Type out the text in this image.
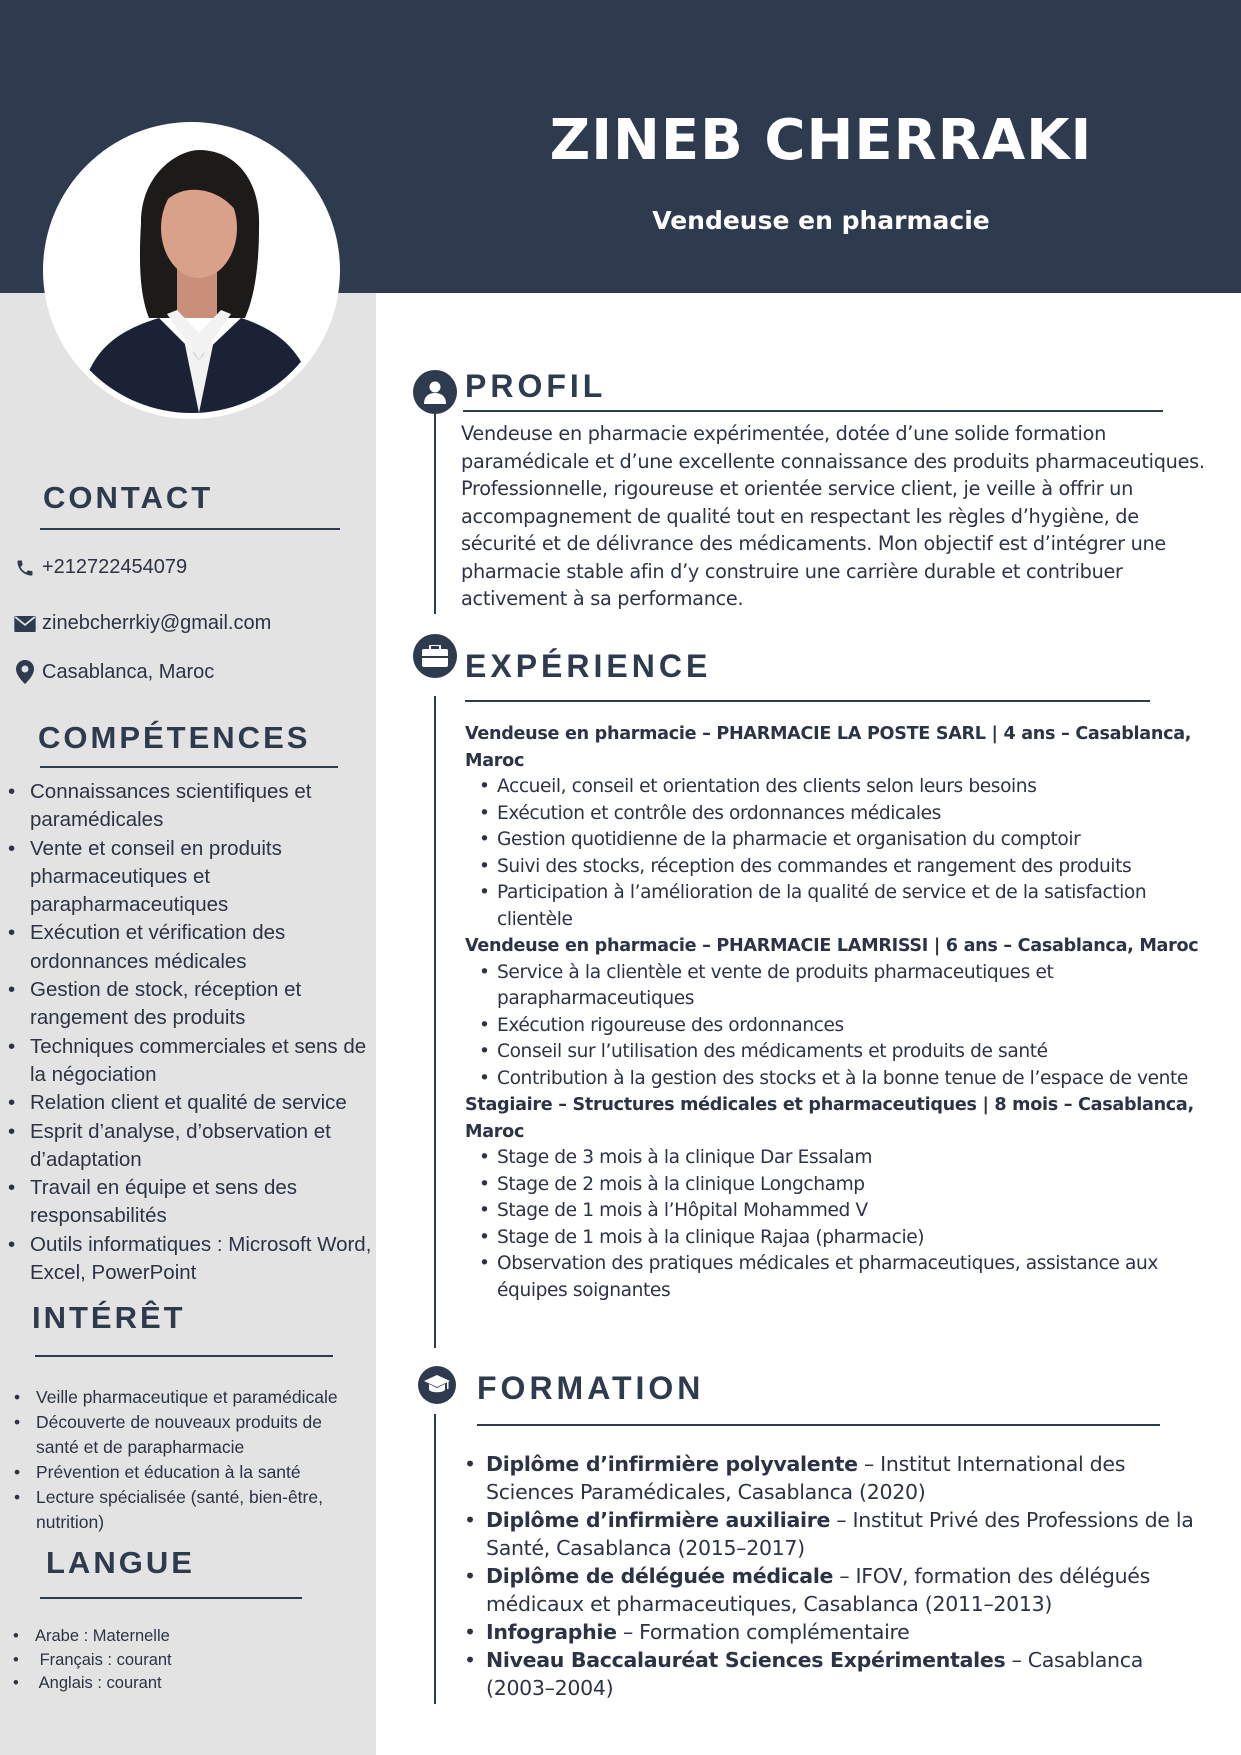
ZINEB CHERRAKI
Vendeuse en pharmacie
CONTACT
+212722454079
zinebcherrkiy@gmail.com
Casablanca, Maroc
COMPÉTENCES
• Connaissances scientifiques et paramédicales
• Vente et conseil en produits pharmaceutiques et parapharmaceutiques
• Exécution et vérification des ordonnances médicales
• Gestion de stock, réception et rangement des produits
• Techniques commerciales et sens de la négociation
• Relation client et qualité de service
• Esprit d’analyse, d’observation et d’adaptation
• Travail en équipe et sens des responsabilités
• Outils informatiques : Microsoft Word, Excel, PowerPoint
INTÉRÊT
• Veille pharmaceutique et paramédicale
• Découverte de nouveaux produits de santé et de parapharmacie
• Prévention et éducation à la santé
• Lecture spécialisée (santé, bien-être, nutrition)
LANGUE
• Arabe : Maternelle
•  Français : courant
•  Anglais : courant
PROFIL
Vendeuse en pharmacie expérimentée, dotée d’une solide formation paramédicale et d’une excellente connaissance des produits pharmaceutiques. Professionnelle, rigoureuse et orientée service client, je veille à offrir un accompagnement de qualité tout en respectant les règles d’hygiène, de sécurité et de délivrance des médicaments. Mon objectif est d’intégrer une pharmacie stable afin d’y construire une carrière durable et contribuer activement à sa performance.
EXPÉRIENCE
Vendeuse en pharmacie – PHARMACIE LA POSTE SARL | 4 ans – Casablanca, Maroc
• Accueil, conseil et orientation des clients selon leurs besoins
• Exécution et contrôle des ordonnances médicales
• Gestion quotidienne de la pharmacie et organisation du comptoir
• Suivi des stocks, réception des commandes et rangement des produits
• Participation à l’amélioration de la qualité de service et de la satisfaction clientèle
Vendeuse en pharmacie – PHARMACIE LAMRISSI | 6 ans – Casablanca, Maroc
• Service à la clientèle et vente de produits pharmaceutiques et parapharmaceutiques
• Exécution rigoureuse des ordonnances
• Conseil sur l’utilisation des médicaments et produits de santé
• Contribution à la gestion des stocks et à la bonne tenue de l’espace de vente
Stagiaire – Structures médicales et pharmaceutiques | 8 mois – Casablanca, Maroc
• Stage de 3 mois à la clinique Dar Essalam
• Stage de 2 mois à la clinique Longchamp
• Stage de 1 mois à l’Hôpital Mohammed V
• Stage de 1 mois à la clinique Rajaa (pharmacie)
• Observation des pratiques médicales et pharmaceutiques, assistance aux équipes soignantes
FORMATION
• Diplôme d’infirmière polyvalente – Institut International des Sciences Paramédicales, Casablanca (2020)
• Diplôme d’infirmière auxiliaire – Institut Privé des Professions de la Santé, Casablanca (2015–2017)
• Diplôme de déléguée médicale – IFOV, formation des délégués médicaux et pharmaceutiques, Casablanca (2011–2013)
• Infographie – Formation complémentaire
• Niveau Baccalauréat Sciences Expérimentales – Casablanca (2003–2004)
